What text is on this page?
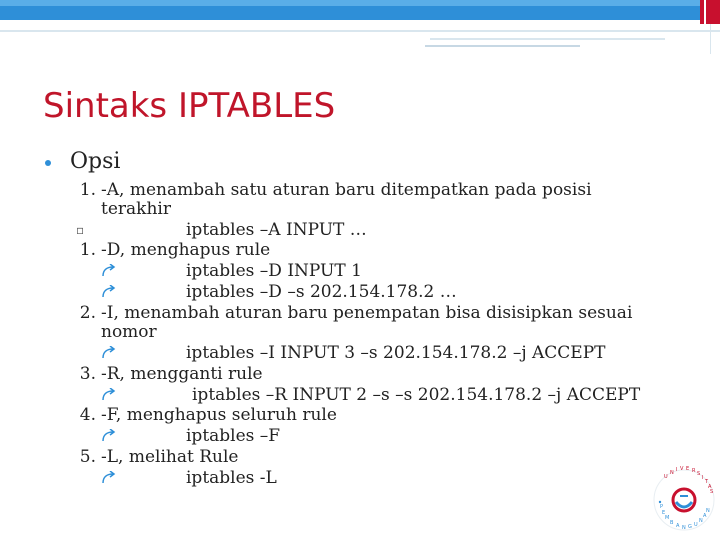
Sintaks IPTABLES
Opsi
1. -A, menambah satu aturan baru ditempatkan pada posisi
terakhir
▫	iptables –A INPUT …
1. -D, menghapus rule
iptables –D INPUT 1
iptables –D –s 202.154.178.2 …
2. -I, menambah aturan baru penempatan bisa disisipkan sesuai
nomor
iptables –I INPUT 3 –s 202.154.178.2 –j ACCEPT
3. -R, mengganti rule
iptables –R INPUT 2 –s –s 202.154.178.2 –j ACCEPT
4. -F, menghapus seluruh rule
iptables –F
5. -L, melihat Rule
iptables -L	U
N I V E R S
I
T
A
S
P
E
M
B A N G U
N
A
N
